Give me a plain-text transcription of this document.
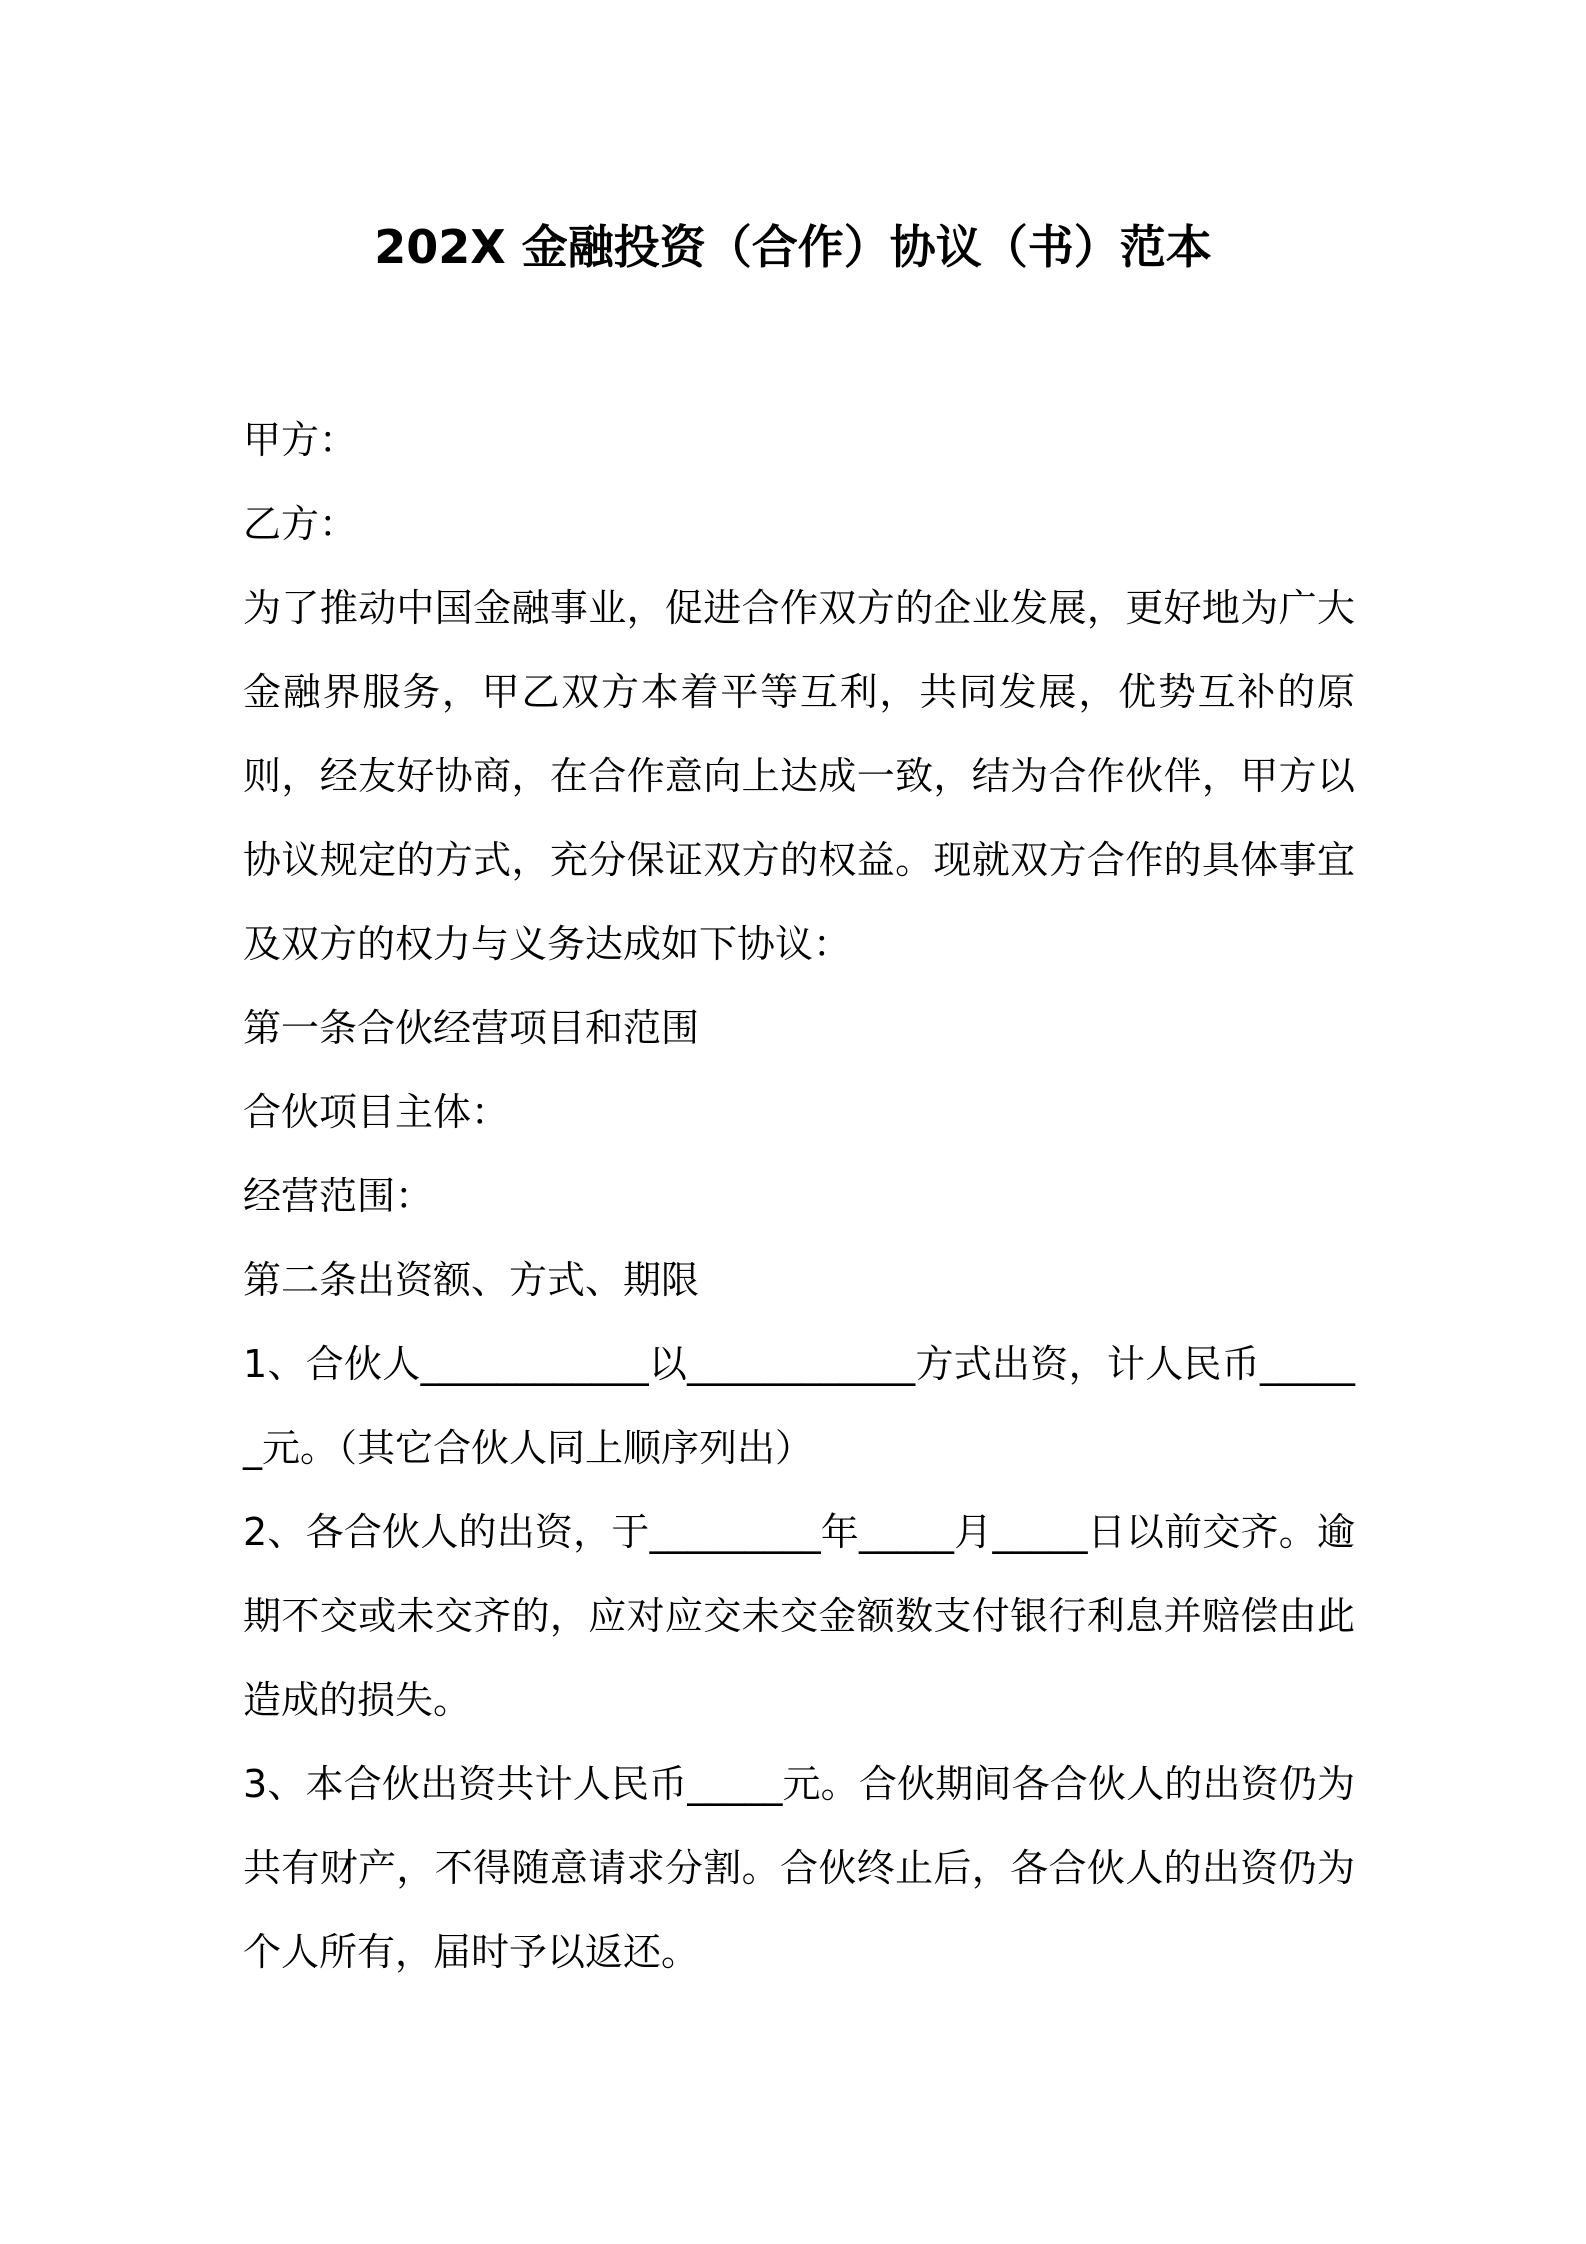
202X 金融投资（合作）协议（书）范本

甲方：

乙方：

为了推动中国金融事业，促进合作双方的企业发展，更好地为广大金融界服务，甲乙双方本着平等互利，共同发展，优势互补的原则，经友好协商，在合作意向上达成一致，结为合作伙伴，甲方以协议规定的方式，充分保证双方的权益。现就双方合作的具体事宜及双方的权力与义务达成如下协议：

第一条合伙经营项目和范围

合伙项目主体：

经营范围：

第二条出资额、方式、期限

1、合伙人____________以____________方式出资，计人民币______元。（其它合伙人同上顺序列出）

2、各合伙人的出资，于_________年_____月_____日以前交齐。逾期不交或未交齐的，应对应交未交金额数支付银行利息并赔偿由此造成的损失。

3、本合伙出资共计人民币_____元。合伙期间各合伙人的出资仍为共有财产，不得随意请求分割。合伙终止后，各合伙人的出资仍为个人所有，届时予以返还。
